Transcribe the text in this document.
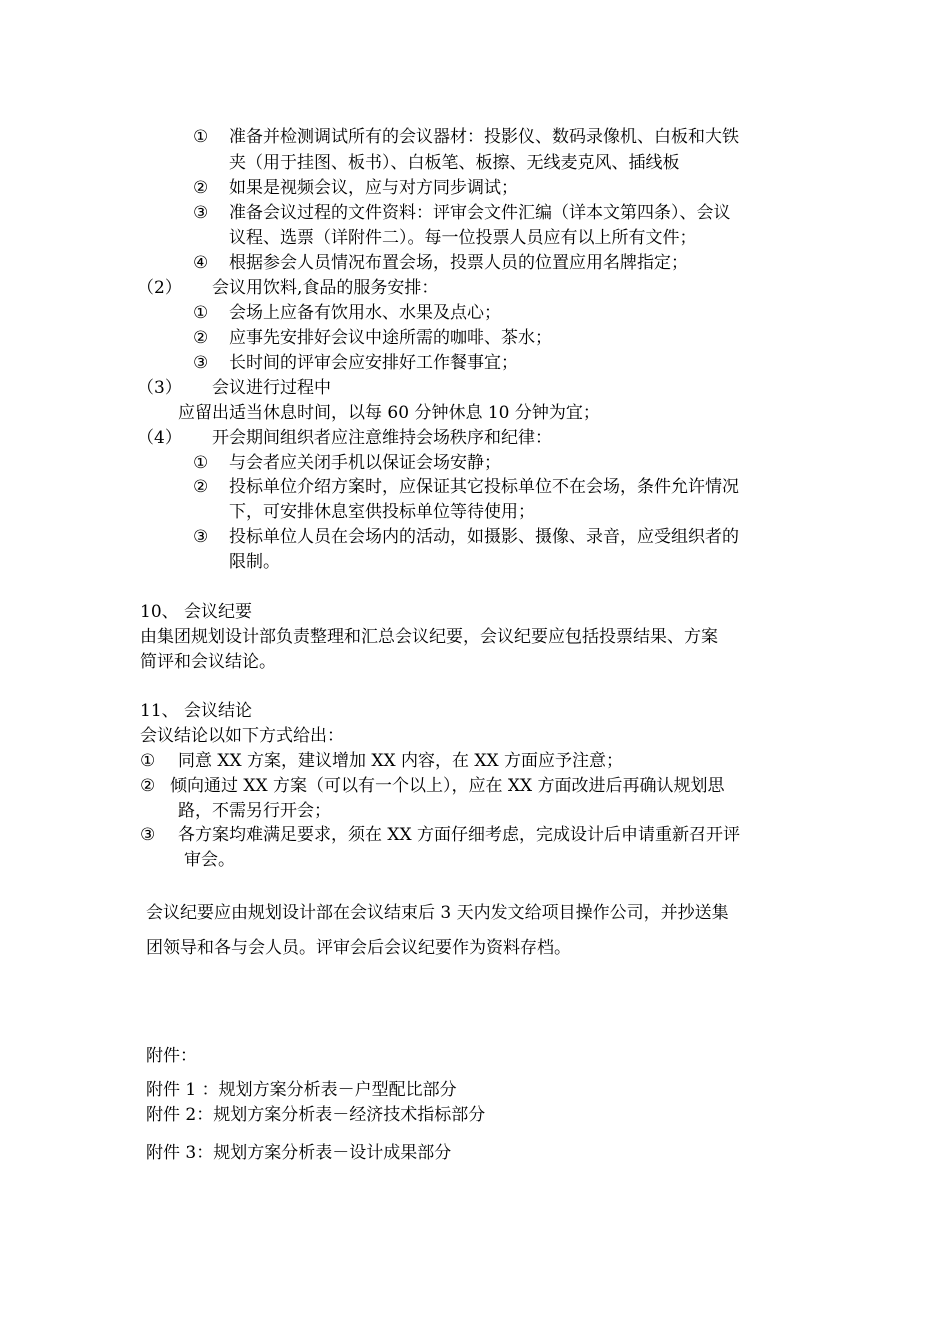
① 准备并检测调试所有的会议器材：投影仪、数码录像机、白板和大铁
夹（用于挂图、板书）、白板笔、板擦、无线麦克风、插线板
② 如果是视频会议，应与对方同步调试；
③ 准备会议过程的文件资料：评审会文件汇编（详本文第四条）、会议
议程、选票（详附件二）。每一位投票人员应有以上所有文件；
④ 根据参会人员情况布置会场，投票人员的位置应用名牌指定；
（2） 会议用饮料,食品的服务安排：
① 会场上应备有饮用水、水果及点心；
② 应事先安排好会议中途所需的咖啡、茶水；
③ 长时间的评审会应安排好工作餐事宜；
（3） 会议进行过程中
应留出适当休息时间，以每 60 分钟休息 10 分钟为宜；
（4） 开会期间组织者应注意维持会场秩序和纪律：
① 与会者应关闭手机以保证会场安静；
② 投标单位介绍方案时，应保证其它投标单位不在会场，条件允许情况
下，可安排休息室供投标单位等待使用；
③ 投标单位人员在会场内的活动，如摄影、摄像、录音，应受组织者的
限制。
10、 会议纪要
由集团规划设计部负责整理和汇总会议纪要，会议纪要应包括投票结果、方案
简评和会议结论。
11、 会议结论
会议结论以如下方式给出：
① 同意 XX 方案，建议增加 XX 内容，在 XX 方面应予注意；
② 倾向通过 XX 方案（可以有一个以上），应在 XX 方面改进后再确认规划思
路，不需另行开会；
③ 各方案均难满足要求，须在 XX 方面仔细考虑，完成设计后申请重新召开评
审会。
会议纪要应由规划设计部在会议结束后 3 天内发文给项目操作公司，并抄送集
团领导和各与会人员。评审会后会议纪要作为资料存档。
附件：
附件 1 ：规划方案分析表－户型配比部分
附件 2：规划方案分析表－经济技术指标部分
附件 3：规划方案分析表－设计成果部分
